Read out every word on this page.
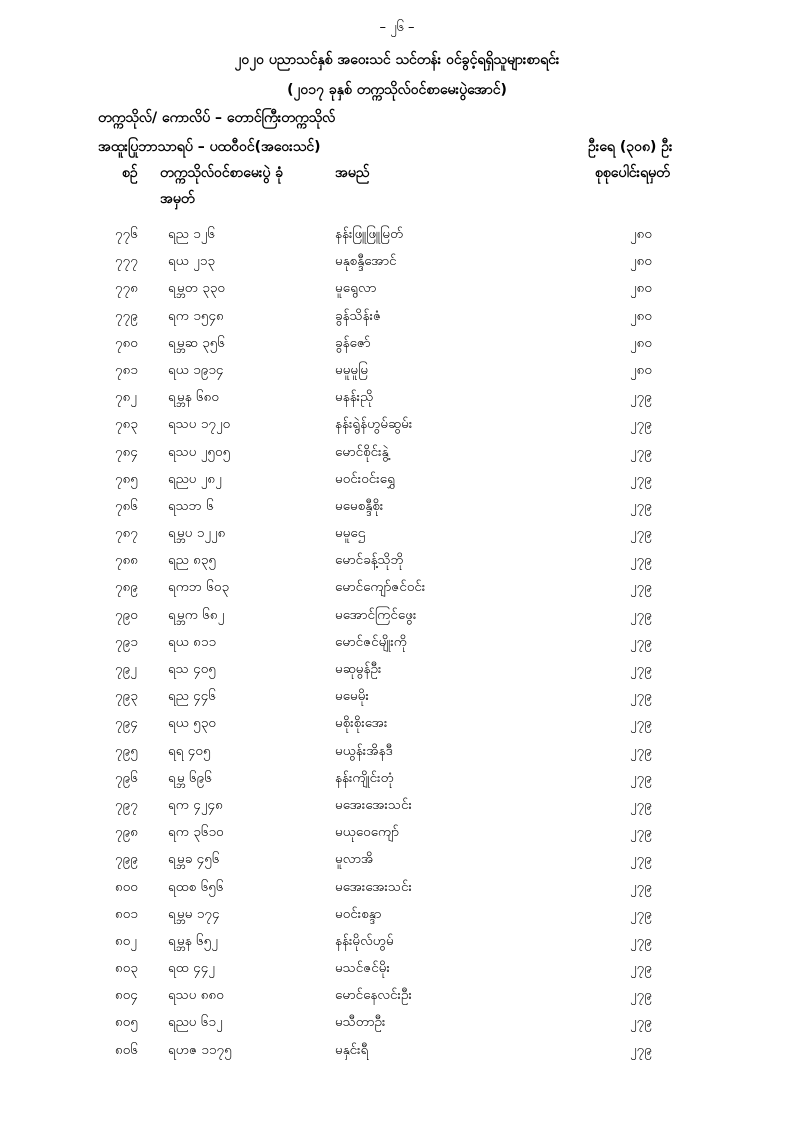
– ၂၆ –
၂၀၂၀ ပညာသင်နှစ် အဝေးသင် သင်တန်း ဝင်ခွင့်ရရှိသူများစာရင်း
(၂၀၁၇ ခုနှစ် တက္ကသိုလ်ဝင်စာမေးပွဲအောင်)
တက္ကသိုလ်/ ကောလိပ် – ‌တောင်ကြီးတက္ကသိုလ်
အထူးပြုဘာသာရပ် – ပထဝီဝင်(အဝေးသင်)	ဦးရေ (၃၀၈) ဦး
စဉ် တက္ကသိုလ်ဝင်စာမေးပွဲ ခုံအမှတ်
အမည်	စုစုပေါင်းရမှတ်
၇၇၆ ရည ၁၂၆	နန်းဖြူဖြူမြတ်	၂၈၀
၇၇၇ ရယ ၂၁၃	မနုစန္ဒီအောင်	၂၈၀
၇၇၈ ရမ္ဘတ ၃၃၀	မူရွေလာ	၂၈၀
၇၇၉ ရက ၁၅၄၈	ခွန်သိန်းဇံ	၂၈၀
၇၈၀ ရမ္ဘဆ ၃၅၆	ခွန်ဇော်	၂၈၀
၇၈၁ ရယ ၁၉၁၄	မမူမူမြ	၂၈၀
၇၈၂ ရမ္ဘန ၆၈၀	မနန်းညို	၂၇၉
၇၈၃ ရသပ ၁၇၂၀	နန်းရွဲန်ဟွမ်ဆွမ်း	၂၇၉
၇၈၄ ရသပ ၂၅၀၅	မောင်စိုင်းနွဲ့	၂၇၉
၇၈၅ ရညပ ၂၈၂	မဝင်းဝင်းရွှေ	၂၇၉
၇၈၆ ရသဘ ၆	မမေစန္ဒီစိုး	၂၇၉
၇၈၇ ရမ္ဘပ ၁၂၂၈	မမူဌေ	၂၇၉
၇၈၈ ရည ၈၃၅	မောင်ခန့်သိုဘို	၂၇၉
၇၈၉ ရကဘ ၆၀၃	မောင်ကျော်ဇင်ဝင်း	၂၇၉
၇၉၀ ရမ္ဘက ၆၈၂	မအောင်ကြင်ဖွေး	၂၇၉
၇၉၁ ရယ ၈၁၁	မောင်ဇင်မျိုးကို	၂၇၉
၇၉၂ ရသ ၄၀၅	မဆုမွန်ဦး	၂၇၉
၇၉၃ ရည ၄၄၆	မမေမိုး	၂၇၉
၇၉၄ ရယ ၅၃၀	မစိုးစိုးအေး	၂၇၉
၇၉၅ ရရ ၄၀၅	မယွန်းအိနဒီ	၂၇၉
၇၉၆ ရမ္ဘ ၆၉၆	နန်းကျိုင်းတုံ	၂၇၉
၇၉၇ ရက ၄၂၄၈	မအေးအေးသင်း	၂၇၉
၇၉၈ ရက ၃၆၁၀	မယုဝေကျော်	၂၇၉
၇၉၉ ရမ္ဘခ ၄၅၆	မူလာအိ	၂၇၉
၈၀၀ ရထစ ၆၅၆	မအေးအေးသင်း	၂၇၉
၈၀၁ ရမ္ဘမ ၁၇၄	မဝင်းစန္ဒာ	၂၇၉
၈၀၂ ရမ္ဘန ၆၅၂	နန်းမိုလ်ဟွမ်	၂၇၉
၈၀၃ ရထ ၄၄၂	မသင်ဇင်မိုး	၂၇၉
၈၀၄ ရသပ ၈၈၀	မောင်နေလင်းဦး	၂၇၉
၈၀၅ ရညပ ၆၁၂	မသီတာဦး	၂၇၉
၈၀၆ ရဟဇ ၁၁၇၅	မနှင်းရီ	၂၇၉
